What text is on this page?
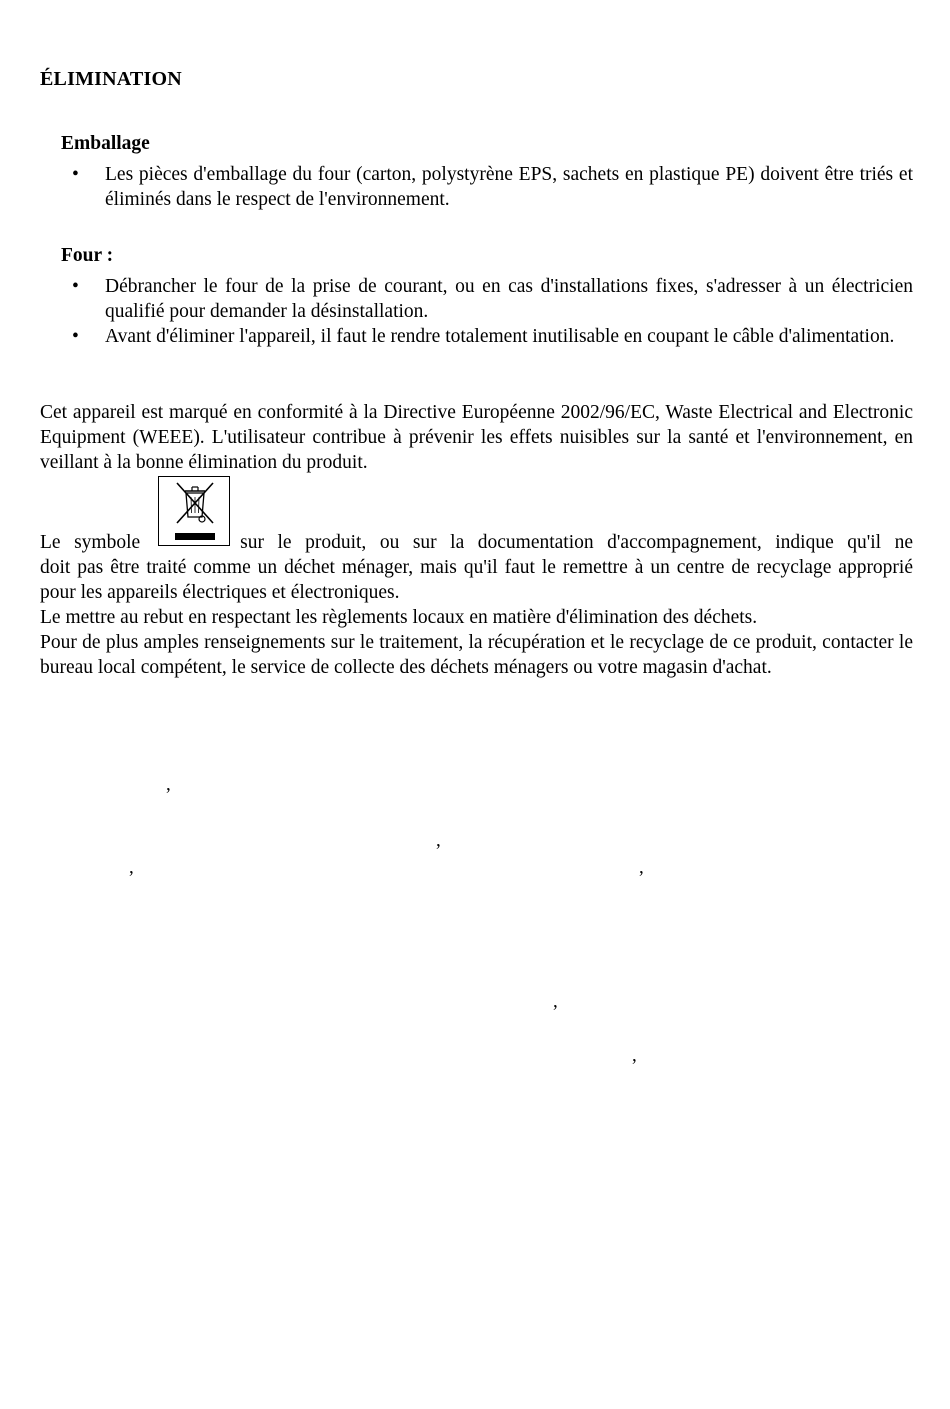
ÉLIMINATION
Emballage
• Les pièces d'emballage du four (carton, polystyrène EPS, sachets en plastique PE) doivent être triés et éliminés dans le respect de l'environnement.
Four :
• Débrancher le four de la prise de courant, ou en cas d'installations fixes, s'adresser à un électricien qualifié pour demander la désinstallation.
• Avant d'éliminer l'appareil, il faut le rendre totalement inutilisable en coupant le câble d'alimentation.

Cet appareil est marqué en conformité à la Directive Européenne 2002/96/EC, Waste Electrical and Electronic Equipment (WEEE). L'utilisateur contribue à prévenir les effets nuisibles sur la santé et l'environnement, en veillant à la bonne élimination du produit.

Le symbole	sur le produit, ou sur la documentation d'accompagnement, indique qu'il ne

doit pas être traité comme un déchet ménager, mais qu'il faut le remettre à un centre de recyclage approprié pour les appareils électriques et électroniques.

Le mettre au rebut en respectant les règlements locaux en matière d'élimination des déchets.

Pour de plus amples renseignements sur le traitement, la récupération et le recyclage de ce produit, contacter le bureau local compétent, le service de collecte des déchets ménagers ou votre magasin d'achat.

,
,
,	,
,
,
